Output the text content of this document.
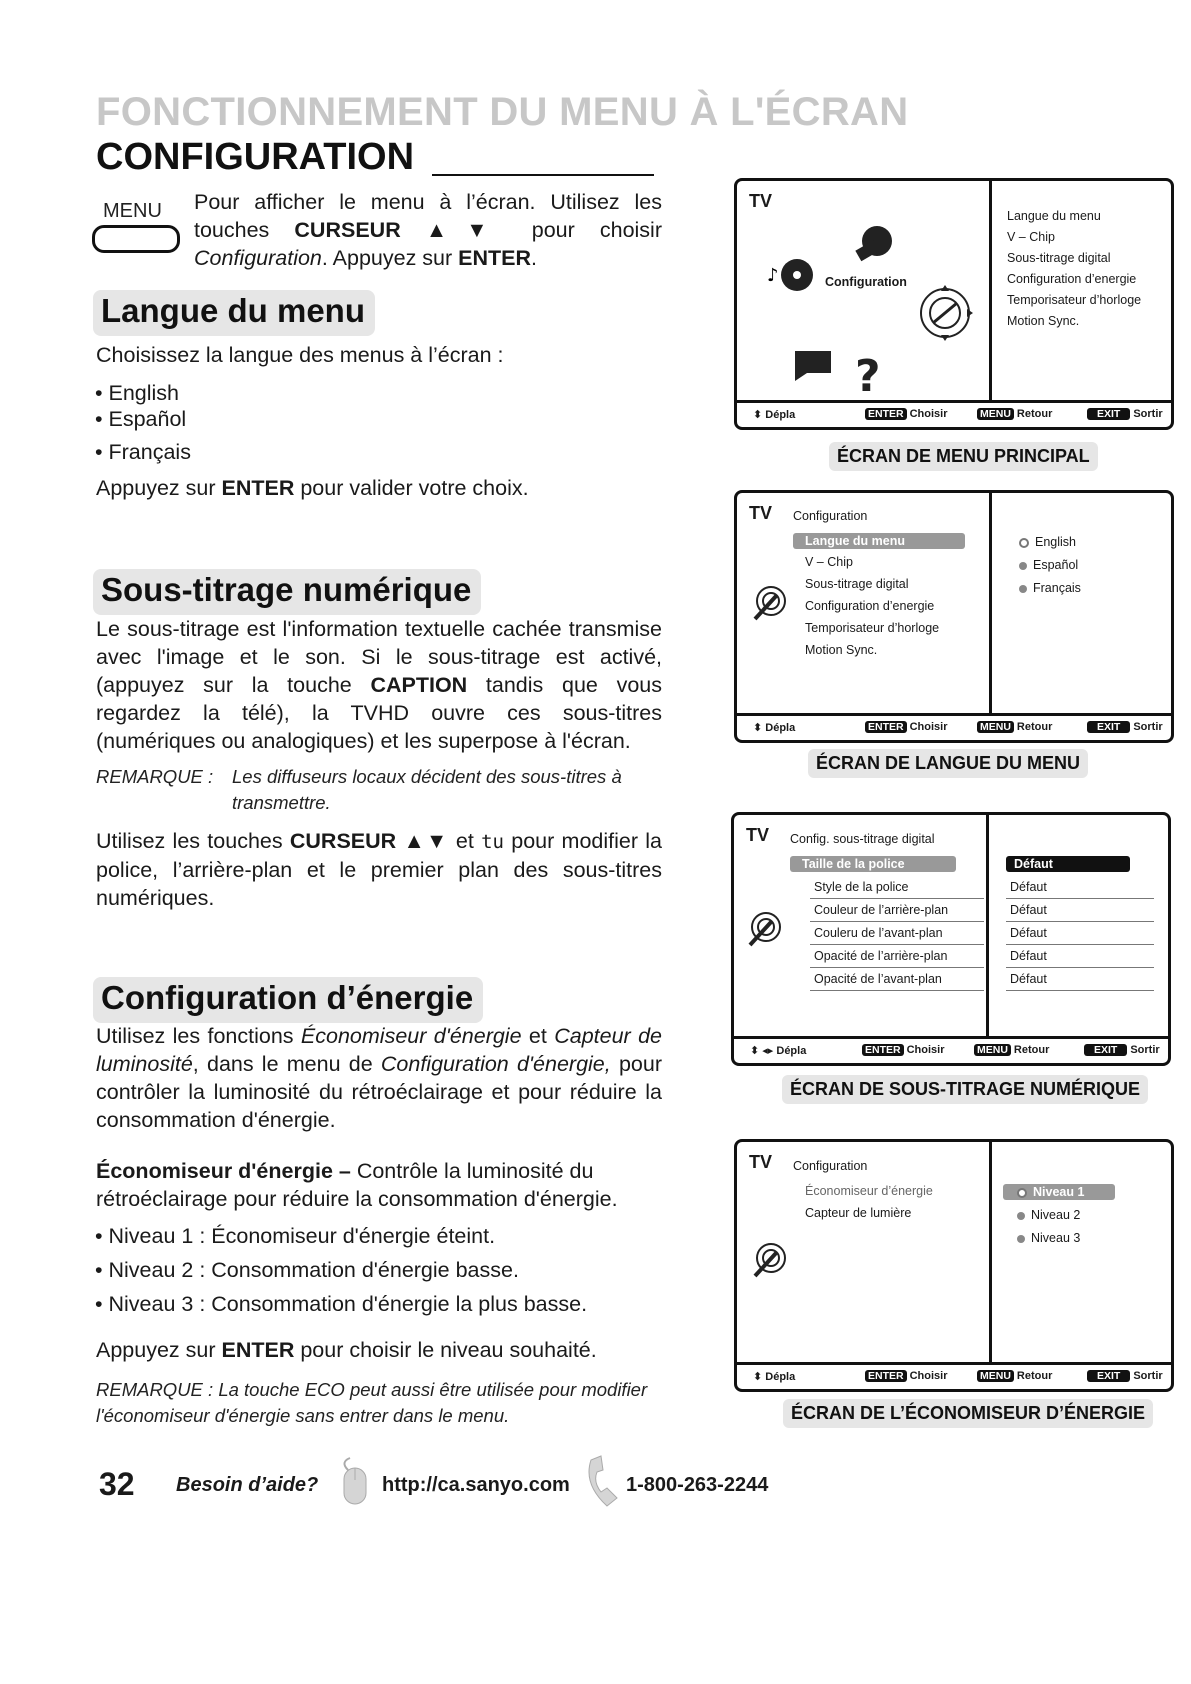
FONCTIONNEMENT DU MENU À L'ÉCRAN
CONFIGURATION
MENU Pour afficher le menu à l’écran. Utilisez les touches CURSEUR ▲▼ pour choisir Configuration. Appuyez sur ENTER.
Langue du menu
Choisissez la langue des menus à l’écran :
• English
• Español
• Français
Appuyez sur ENTER pour valider votre choix.
Sous-titrage numérique
Le sous-titrage est l'information textuelle cachée transmise avec l'image et le son. Si le sous-titrage est activé, (appuyez sur la touche CAPTION tandis que vous regardez la télé), la TVHD ouvre ces sous-titres (numériques ou analogiques) et les superpose à l'écran.
REMARQUE : Les diffuseurs locaux décident des sous-titres à transmettre.
Utilisez les touches CURSEUR ▲▼ et tu pour modifier la police, l’arrière-plan et le premier plan des sous-titres numériques.
Configuration d’énergie
Utilisez les fonctions Économiseur d'énergie et Capteur de luminosité, dans le menu de Configuration d'énergie, pour contrôler la luminosité du rétroéclairage et pour réduire la consommation d'énergie.
Économiseur d'énergie – Contrôle la luminosité du rétroéclairage pour réduire la consommation d'énergie.
• Niveau 1 : Économiseur d'énergie éteint.
• Niveau 2 : Consommation d'énergie basse.
• Niveau 3 : Consommation d'énergie la plus basse.
Appuyez sur ENTER pour choisir le niveau souhaité.
REMARQUE : La touche ECO peut aussi être utilisée pour modifier l'économiseur d'énergie sans entrer dans le menu.
TV
♪
?
Configuration
Langue du menu
V – Chip
Sous-titrage digital
Configuration d’energie
Temporisateur d’horloge
Motion Sync.
⬍ Dépla	ENTER Choisir	MENU Retour	EXIT Sortir
ÉCRAN DE MENU PRINCIPAL
TV Configuration
Langue du menu
V – Chip
Sous-titrage digital
Configuration d’energie
Temporisateur d’horloge
Motion Sync.
English
Español
Français
⬍ Dépla	ENTER Choisir	MENU Retour	EXIT Sortir
ÉCRAN DE LANGUE DU MENU
TV Config. sous-titrage digital
Taille de la police
Style de la police
Couleur de l’arrière-plan
Couleru de l’avant-plan
Opacité de l’arrière-plan
Opacité de l’avant-plan
Défaut
Défaut
Défaut
Défaut
Défaut
Défaut
⬍ ◂▸ Dépla	ENTER Choisir	MENU Retour	EXIT Sortir
ÉCRAN DE SOUS-TITRAGE NUMÉRIQUE
TV Configuration
Économiseur d’énergie
Capteur de lumière
Niveau 1
Niveau 2
Niveau 3
⬍ Dépla	ENTER Choisir	MENU Retour	EXIT Sortir
ÉCRAN DE L’ÉCONOMISEUR D’ÉNERGIE
32 Besoin d’aide?	http://ca.sanyo.com	1-800-263-2244
